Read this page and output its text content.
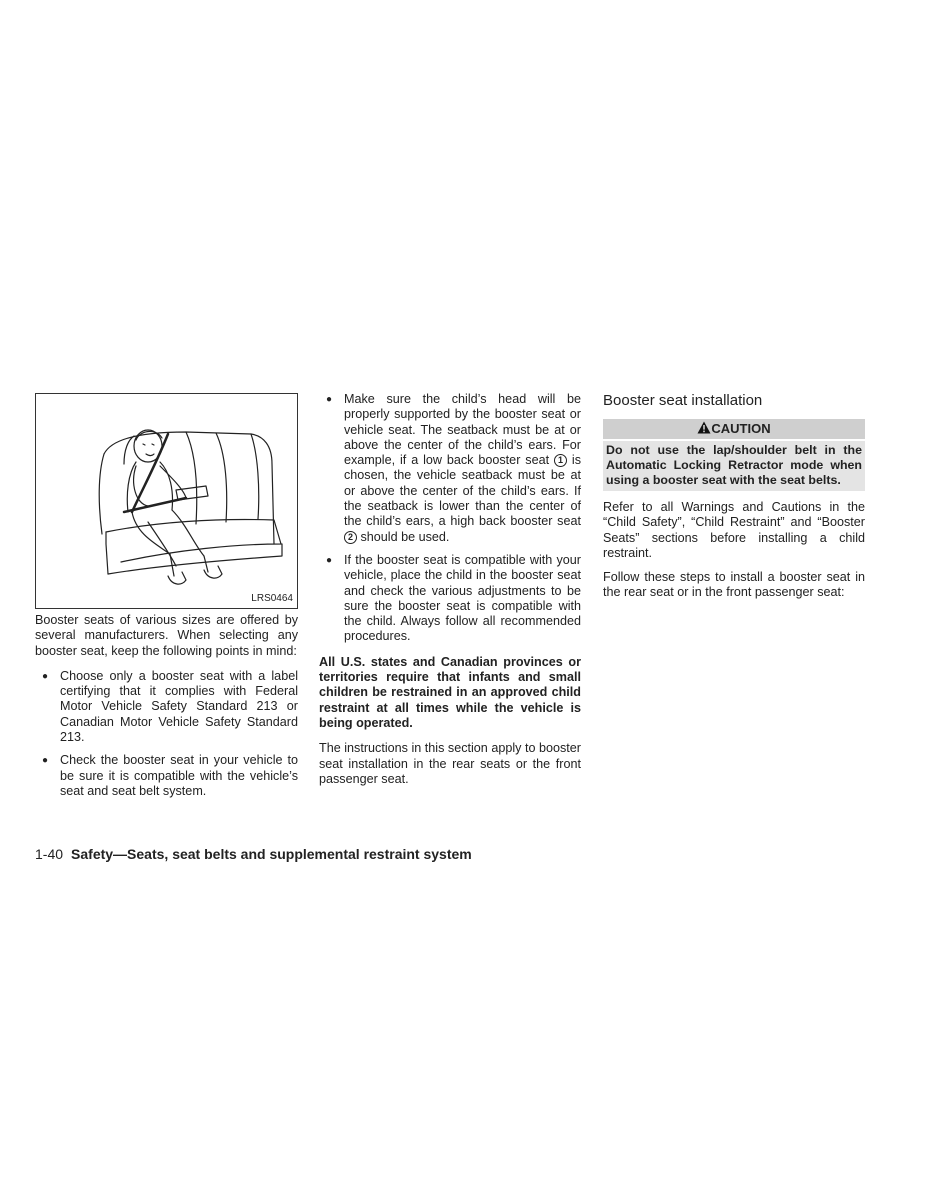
LRS0464

Booster seats of various sizes are offered by several manufacturers. When selecting any booster seat, keep the following points in mind:

● Choose only a booster seat with a label certifying that it complies with Federal Motor Vehicle Safety Standard 213 or Canadian Motor Vehicle Safety Standard 213.
● Check the booster seat in your vehicle to be sure it is compatible with the vehicle’s seat and seat belt system.
● Make sure the child’s head will be properly supported by the booster seat or vehicle seat. The seatback must be at or above the center of the child’s ears. For example, if a low back booster seat 1 is chosen, the vehicle seatback must be at or above the center of the child’s ears. If the seatback is lower than the center of the child’s ears, a high back booster seat 2 should be used.
● If the booster seat is compatible with your vehicle, place the child in the booster seat and check the various adjustments to be sure the booster seat is compatible with the child. Always follow all recommended procedures.

All U.S. states and Canadian provinces or territories require that infants and small children be restrained in an approved child restraint at all times while the vehicle is being operated.

The instructions in this section apply to booster seat installation in the rear seats or the front passenger seat.

Booster seat installation
CAUTION
Do not use the lap/shoulder belt in the Automatic Locking Retractor mode when using a booster seat with the seat belts.

Refer to all Warnings and Cautions in the “Child Safety”, “Child Restraint” and “Booster Seats” sections before installing a child restraint.

Follow these steps to install a booster seat in the rear seat or in the front passenger seat:

1-40 Safety—Seats, seat belts and supplemental restraint system
